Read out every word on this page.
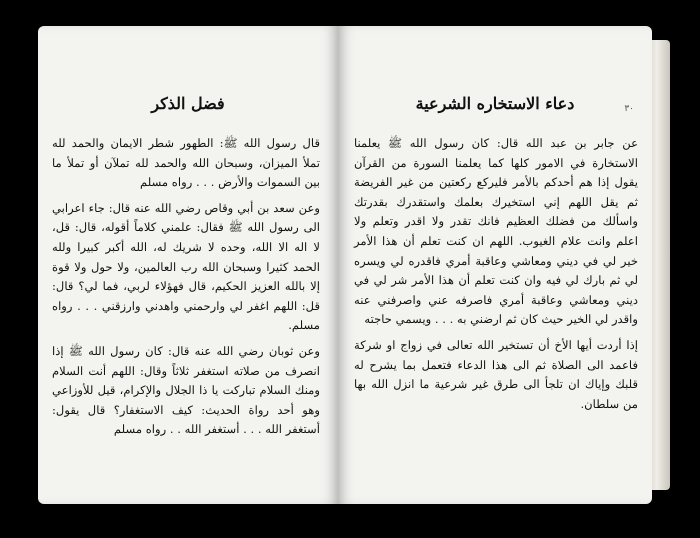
فضل الذكر

قال رسول الله ﷺ: الطهور شطر الايمان والحمد لله تملأ الميزان، وسبحان الله والحمد لله تملآن أو تملأ ما بين السموات والأرض . . . رواه مسلم

وعن سعد بن أبي وقاص رضي الله عنه قال: جاء اعرابي الى رسول الله ﷺ فقال: علمني كلاماً أقوله، قال: قل، لا اله الا الله، وحده لا شريك له، الله أكبر كبيرا ولله الحمد كثيرا وسبحان الله رب العالمين، ولا حول ولا قوة إلا بالله العزيز الحكيم، قال فهؤلاء لربي، فما لي؟ قال: قل: اللهم اغفر لي وارحمني واهدني وارزقني . . . رواه مسلم.

وعن ثوبان رضي الله عنه قال: كان رسول الله ﷺ إذا انصرف من صلاته استغفر ثلاثاً وقال: اللهم أنت السلام ومنك السلام تباركت يا ذا الجلال والإكرام، قيل للأوزاعي وهو أحد رواة الحديث: كيف الاستغفار؟ قال يقول: أستغفر الله . . . أستغفر الله . . رواه مسلم

٣٠
دعاء الاستخاره الشرعية

عن جابر بن عبد الله قال: كان رسول الله ﷺ يعلمنا الاستخارة في الامور كلها كما يعلمنا السورة من القرآن يقول إذا هم أحدكم بالأمر فليركع ركعتين من غير الفريضة ثم يقل اللهم إني استخيرك بعلمك واستقدرك بقدرتك واسألك من فضلك العظيم فانك تقدر ولا اقدر وتعلم ولا اعلم وانت علام الغيوب. اللهم ان كنت تعلم أن هذا الأمر خير لي في ديني ومعاشي وعاقبة أمري فاقدره لي ويسره لي ثم بارك لي فيه وان كنت تعلم أن هذا الأمر شر لي في ديني ومعاشي وعاقبة أمري فاصرفه عني واصرفني عنه واقدر لي الخير حيث كان ثم ارضني به . . . ويسمي حاجته

إذا أردت أيها الأخ أن تستخير الله تعالى في زواج او شركة فاعمد الى الصلاة ثم الى هذا الدعاء فتعمل بما يشرح له قلبك وإياك ان تلجأ الى طرق غير شرعية ما انزل الله بها من سلطان.
